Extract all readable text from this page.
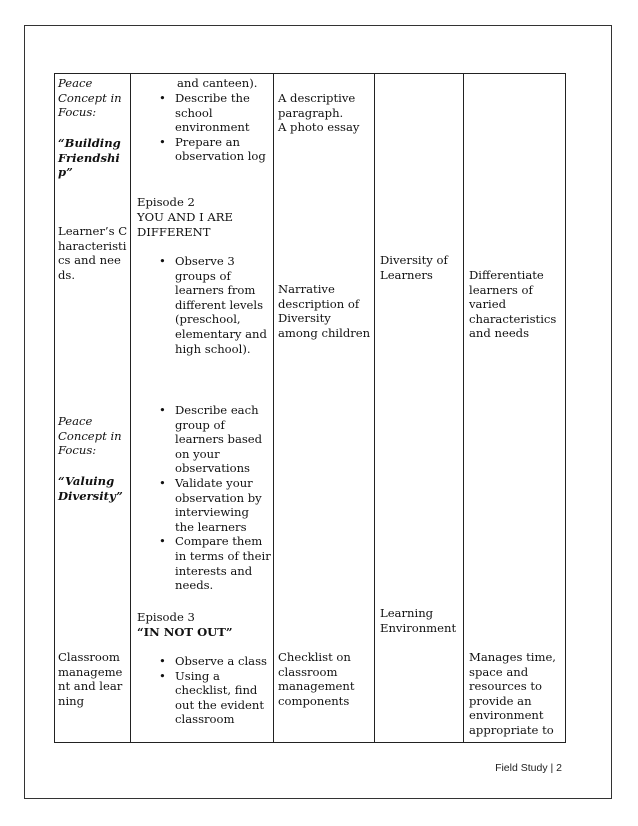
Peace Concept in Focus:
“Building Friendship”
Learner’s Characteristics and needs.
Peace Concept in Focus:
“Valuing Diversity”
Classroom management and learning
and canteen).
• Describe the school environment
• Prepare an observation log
Episode 2
YOU AND I ARE DIFFERENT
• Observe 3 groups of learners from different levels (preschool, elementary and high school).
• Describe each group of learners based on your observations
• Validate your observation by interviewing the learners
• Compare them in terms of their interests and needs.
Episode 3
“IN NOT OUT”
• Observe a class
• Using a checklist, find out the evident classroom
A descriptive paragraph.
A photo essay
Narrative description of Diversity among children
Checklist on classroom management components
Diversity of Learners
Learning Environment
Differentiate learners of varied characteristics and needs
Manages time, space and resources to provide an environment appropriate to
Field Study | 2
